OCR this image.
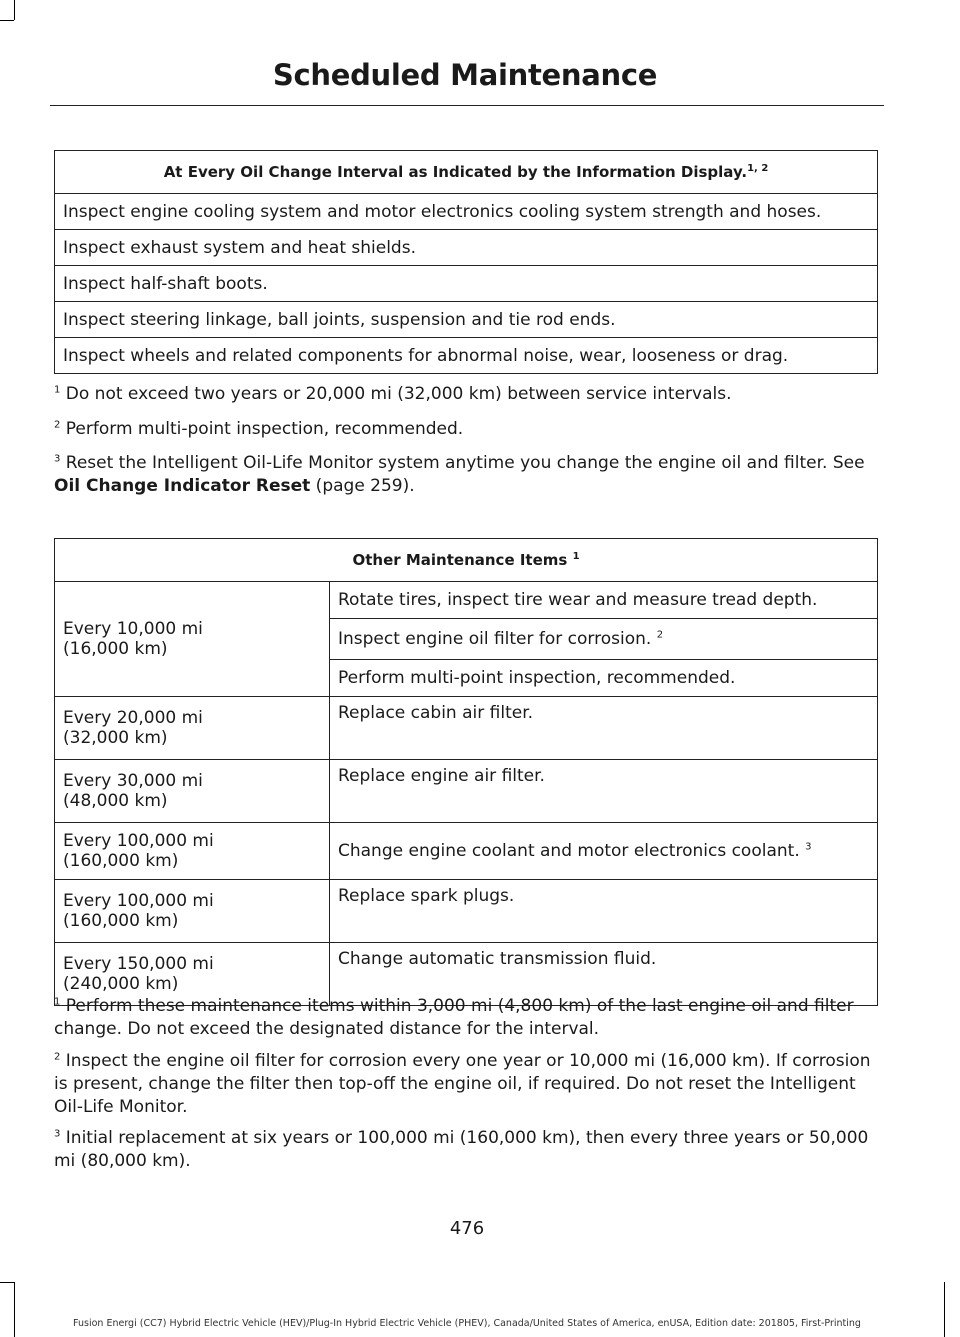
Scheduled Maintenance
At Every Oil Change Interval as Indicated by the Information Display.$^{1, 2}$
Inspect engine cooling system and motor electronics cooling system strength and hoses.
Inspect exhaust system and heat shields.
Inspect half-shaft boots.
Inspect steering linkage, ball joints, suspension and tie rod ends.
Inspect wheels and related components for abnormal noise, wear, looseness or drag.
$^1$ Do not exceed two years or 20,000 mi (32,000 km) between service intervals.
$^2$ Perform multi-point inspection, recommended.
$^3$ Reset the Intelligent Oil-Life Monitor system anytime you change the engine oil and filter. See Oil Change Indicator Reset (page 259).
Other Maintenance Items $^1$

Every 10,000 mi
(16,000 km)	Rotate tires, inspect tire wear and measure tread depth.
	Inspect engine oil filter for corrosion. $^2$
	Perform multi-point inspection, recommended.

Every 20,000 mi
(32,000 km)	Replace cabin air filter.

Every 30,000 mi
(48,000 km)	Replace engine air filter.

Every 100,000 mi
(160,000 km)	Change engine coolant and motor electronics coolant. $^3$

Every 100,000 mi
(160,000 km)	Replace spark plugs.

Every 150,000 mi
(240,000 km)	Change automatic transmission fluid.
$^1$ Perform these maintenance items within 3,000 mi (4,800 km) of the last engine oil and filter change. Do not exceed the designated distance for the interval.
$^2$ Inspect the engine oil filter for corrosion every one year or 10,000 mi (16,000 km). If corrosion is present, change the filter then top-off the engine oil, if required. Do not reset the Intelligent Oil-Life Monitor.
$^3$ Initial replacement at six years or 100,000 mi (160,000 km), then every three years or 50,000 mi (80,000 km).
476
Fusion Energi (CC7) Hybrid Electric Vehicle (HEV)/Plug-In Hybrid Electric Vehicle (PHEV), Canada/United States of America, enUSA, Edition date: 201805, First-Printing
